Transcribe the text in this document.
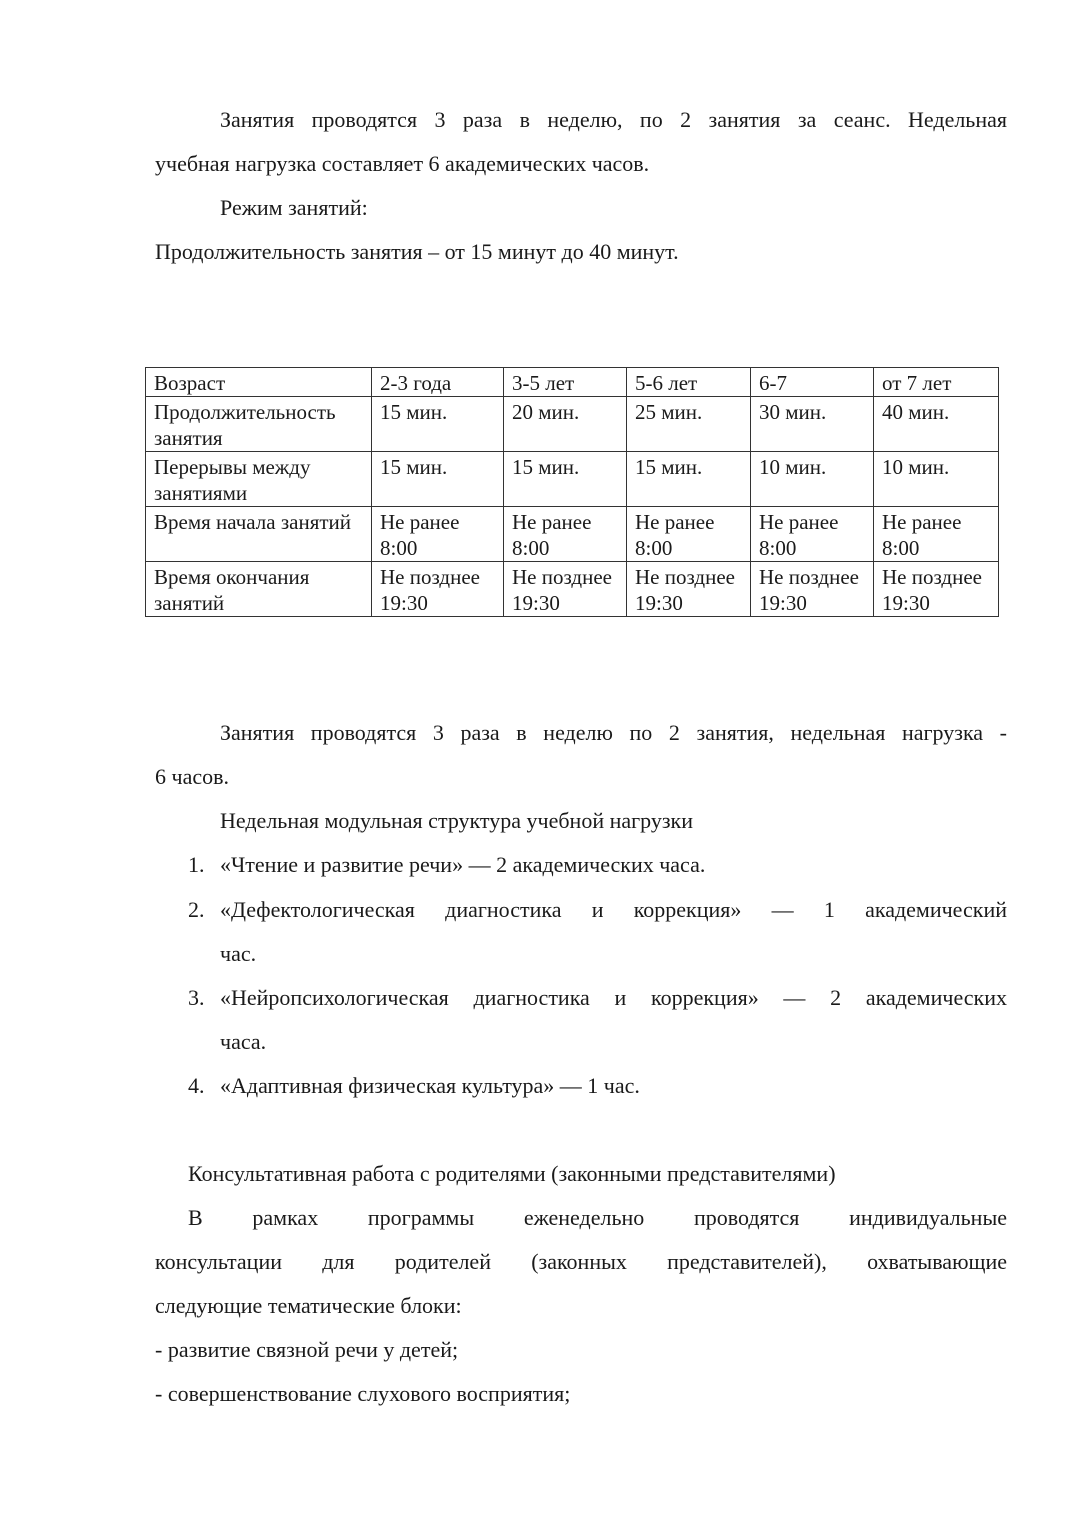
Занятия проводятся 3 раза в неделю, по 2 занятия за сеанс. Недельная
учебная нагрузка составляет 6 академических часов.
Режим занятий:
Продолжительность занятия – от 15 минут до 40 минут.
Возраст	2-3 года	3-5 лет	5-6 лет	6-7	от 7 лет
Продолжительность занятия	15 мин.	20 мин.	25 мин.	30 мин.	40 мин.
Перерывы между занятиями	15 мин.	15 мин.	15 мин.	10 мин.	10 мин.
Время начала занятий	Не ранее 8:00	Не ранее 8:00	Не ранее 8:00	Не ранее 8:00	Не ранее 8:00
Время окончания занятий	Не позднее 19:30	Не позднее 19:30	Не позднее 19:30	Не позднее 19:30	Не позднее 19:30
Занятия проводятся 3 раза в неделю по 2 занятия, недельная нагрузка -
6 часов.
Недельная модульная структура учебной нагрузки
1. «Чтение и развитие речи» — 2 академических часа.
2. «Дефектологическая диагностика и коррекция» — 1 академический
час.
3. «Нейропсихологическая диагностика и коррекция» — 2 академических
часа.
4. «Адаптивная физическая культура» — 1 час.
Консультативная работа с родителями (законными представителями)
В рамках программы еженедельно проводятся индивидуальные
консультации для родителей (законных представителей), охватывающие
следующие тематические блоки:
- развитие связной речи у детей;
- совершенствование слухового восприятия;
